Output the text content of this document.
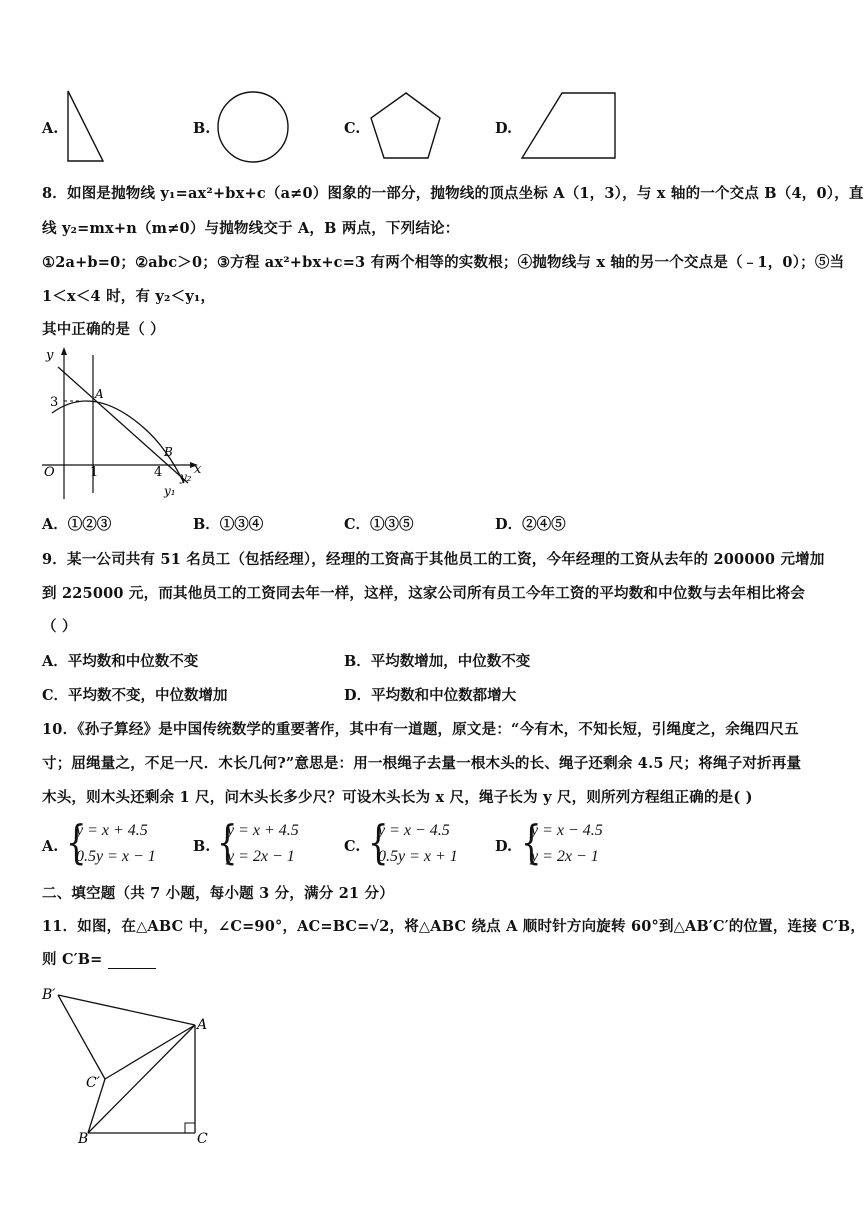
A.	B.	C.	D.
8．如图是抛物线 y₁=ax²+bx+c（a≠0）图象的一部分，抛物线的顶点坐标 A（1，3），与 x 轴的一个交点 B（4，0），直
线 y₂=mx+n（m≠0）与抛物线交于 A，B 两点，下列结论：
①2a+b=0；②abc＞0；③方程 ax²+bx+c=3 有两个相等的实数根；④抛物线与 x 轴的另一个交点是（﹣1，0）；⑤当
1＜x＜4 时，有 y₂＜y₁，
其中正确的是（ ）
y
x
O	1	4
3
A
B
y₂
y₁
A．①②③	B．①③④	C．①③⑤	D．②④⑤
9．某一公司共有 51 名员工（包括经理），经理的工资高于其他员工的工资，今年经理的工资从去年的 200000 元增加
到 225000 元，而其他员工的工资同去年一样，这样，这家公司所有员工今年工资的平均数和中位数与去年相比将会
（ ）
A．平均数和中位数不变	B．平均数增加，中位数不变
C．平均数不变，中位数增加	D．平均数和中位数都增大
10．《孙子算经》是中国传统数学的重要著作，其中有一道题，原文是：“今有木，不知长短，引绳度之，余绳四尺五
寸；屈绳量之，不足一尺．木长几何?”意思是：用一根绳子去量一根木头的长、绳子还剩余 4.5 尺；将绳子对折再量
木头，则木头还剩余 1 尺，问木头长多少尺？可设木头长为 x 尺，绳子长为 y 尺，则所列方程组正确的是( )
A. {
y = x + 4.5
0.5y = x − 1
B. {
y = x + 4.5
y = 2x − 1
C. {
y = x − 4.5
0.5y = x + 1
D. {
y = x − 4.5
y = 2x − 1
二、填空题（共 7 小题，每小题 3 分，满分 21 分）
11．如图，在△ABC 中，∠C=90°，AC=BC=√2，将△ABC 绕点 A 顺时针方向旋转 60°到△AB′C′的位置，连接 C′B，
则 C′B=
B′
A
C′
B	C
